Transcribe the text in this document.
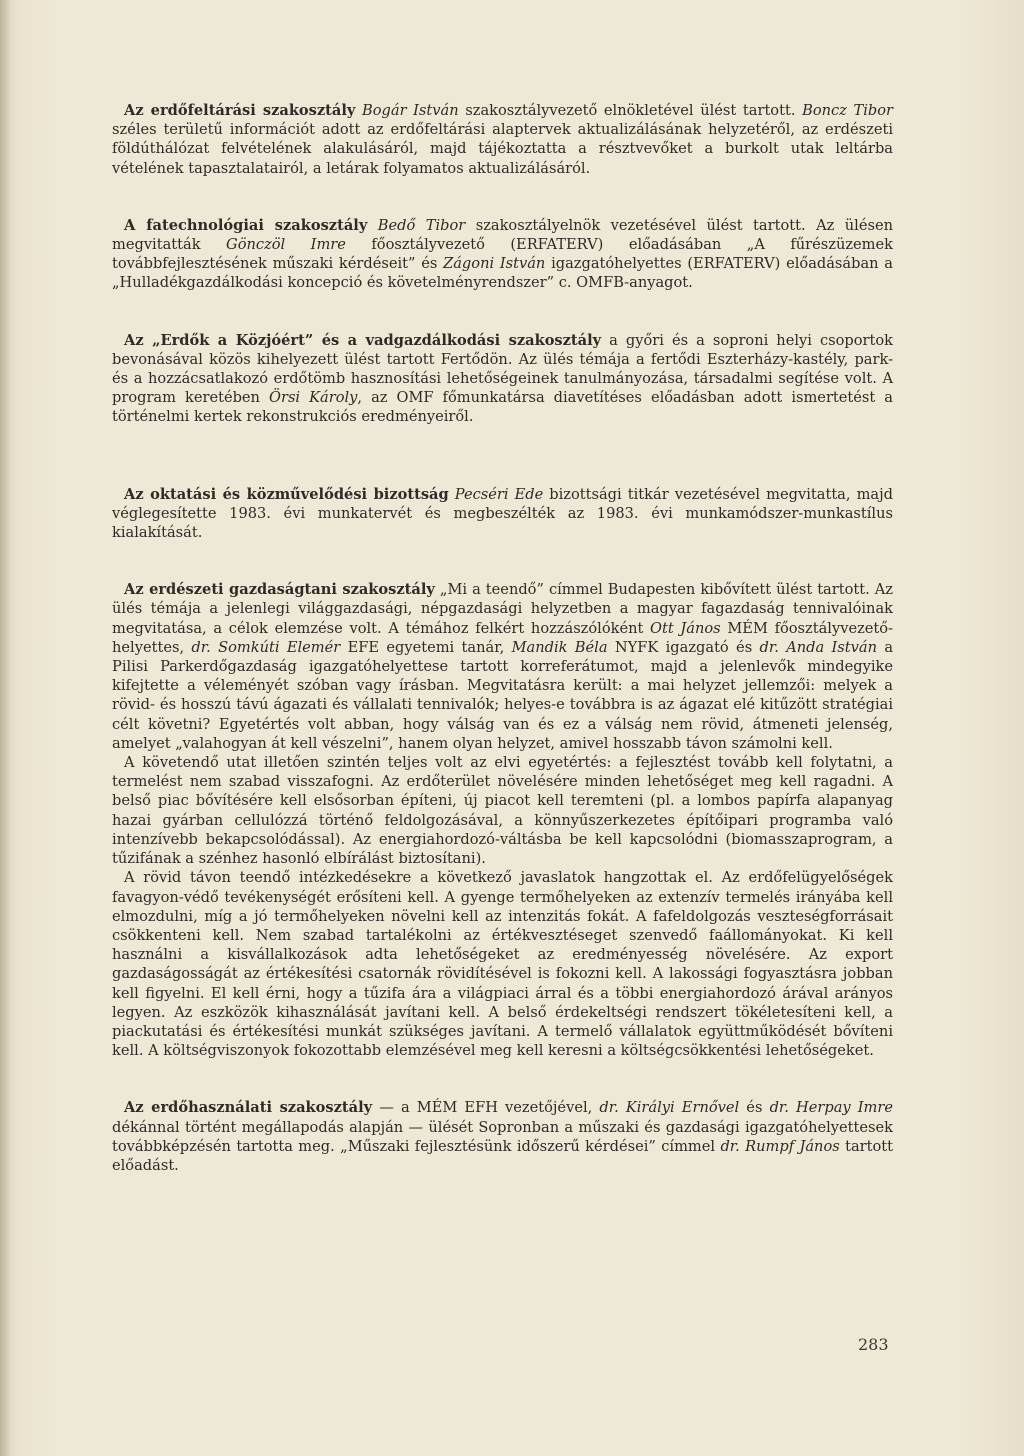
Az erdőfeltárási szakosztály Bogár István szakosztályvezető elnökletével ülést tartott. Boncz Tibor széles területű információt adott az erdőfeltárási alaptervek aktualizálásának helyzetéről, az erdészeti földúthálózat felvételének alakulásáról, majd tájékoztatta a résztvevőket a burkolt utak leltárba vételének tapasztalatairól, a letárak folyamatos aktualizálásáról.

A fatechnológiai szakosztály Bedő Tibor szakosztályelnök vezetésével ülést tartott. Az ülésen megvitatták Gönczöl Imre főosztályvezető (ERFATERV) előadásában „A fűrészüzemek továbbfejlesztésének műszaki kérdéseit” és Zágoni István igazgatóhelyettes (ERFATERV) előadásában a „Hulladékgazdálkodási koncepció és követelményrendszer” c. OMFB-anyagot.

Az „Erdők a Közjóért” és a vadgazdálkodási szakosztály a győri és a soproni helyi csoportok bevonásával közös kihelyezett ülést tartott Fertődön. Az ülés témája a fertődi Eszterházy-kastély, park- és a hozzácsatlakozó erdőtömb hasznosítási lehetőségeinek tanulmányozása, társadalmi segítése volt. A program keretében Örsi Károly, az OMF főmunkatársa diavetítéses előadásban adott ismertetést a történelmi kertek rekonstrukciós eredményeiről.

Az oktatási és közművelődési bizottság Pecséri Ede bizottsági titkár vezetésével megvitatta, majd véglegesítette 1983. évi munkatervét és megbeszélték az 1983. évi munkamódszer-munkastílus kialakítását.

Az erdészeti gazdaságtani szakosztály „Mi a teendő” címmel Budapesten kibővített ülést tartott. Az ülés témája a jelenlegi világgazdasági, népgazdasági helyzetben a magyar fagazdaság tennivalóinak megvitatása, a célok elemzése volt. A témához felkért hozzászólóként Ott János MÉM főosztályvezető-helyettes, dr. Somkúti Elemér EFE egyetemi tanár, Mandik Béla NYFK igazgató és dr. Anda István a Pilisi Parkerdőgazdaság igazgatóhelyettese tartott korreferátumot, majd a jelenlevők mindegyike kifejtette a véleményét szóban vagy írásban. Megvitatásra került: a mai helyzet jellemzői: melyek a rövid- és hosszú távú ágazati és vállalati tennivalók; helyes-e továbbra is az ágazat elé kitűzött stratégiai célt követni? Egyetértés volt abban, hogy válság van és ez a válság nem rövid, átmeneti jelenség, amelyet „valahogyan át kell vészelni”, hanem olyan helyzet, amivel hosszabb távon számolni kell.

A követendő utat illetően szintén teljes volt az elvi egyetértés: a fejlesztést tovább kell folytatni, a termelést nem szabad visszafogni. Az erdőterület növelésére minden lehetőséget meg kell ragadni. A belső piac bővítésére kell elsősorban építeni, új piacot kell teremteni (pl. a lombos papírfa alapanyag hazai gyárban cellulózzá történő feldolgozásával, a könnyűszerkezetes építőipari programba való intenzívebb bekapcsolódással). Az energiahordozó-váltásba be kell kapcsolódni (biomasszaprogram, a tűzifának a szénhez hasonló elbírálást biztosítani).

A rövid távon teendő intézkedésekre a következő javaslatok hangzottak el. Az erdőfelügyelőségek favagyon-védő tevékenységét erősíteni kell. A gyenge termőhelyeken az extenzív termelés irányába kell elmozdulni, míg a jó termőhelyeken növelni kell az intenzitás fokát. A fafeldolgozás veszteségforrásait csökkenteni kell. Nem szabad tartalékolni az értékvesztéseget szenvedő faállományokat. Ki kell használni a kisvállalkozások adta lehetőségeket az eredményesség növelésére. Az export gazdaságosságát az értékesítési csatornák rövidítésével is fokozni kell. A lakossági fogyasztásra jobban kell figyelni. El kell érni, hogy a tűzifa ára a világpiaci árral és a többi energiahordozó árával arányos legyen. Az eszközök kihasználását javítani kell. A belső érdekeltségi rendszert tökéletesíteni kell, a piackutatási és értékesítési munkát szükséges javítani. A termelő vállalatok együttműködését bővíteni kell. A költségviszonyok fokozottabb elemzésével meg kell keresni a költségcsökkentési lehetőségeket.

Az erdőhasználati szakosztály — a MÉM EFH vezetőjével, dr. Királyi Ernővel és dr. Herpay Imre dékánnal történt megállapodás alapján — ülését Sopronban a műszaki és gazdasági igazgatóhelyettesek továbbképzésén tartotta meg. „Műszaki fejlesztésünk időszerű kérdései” címmel dr. Rumpf János tartott előadást.

283
